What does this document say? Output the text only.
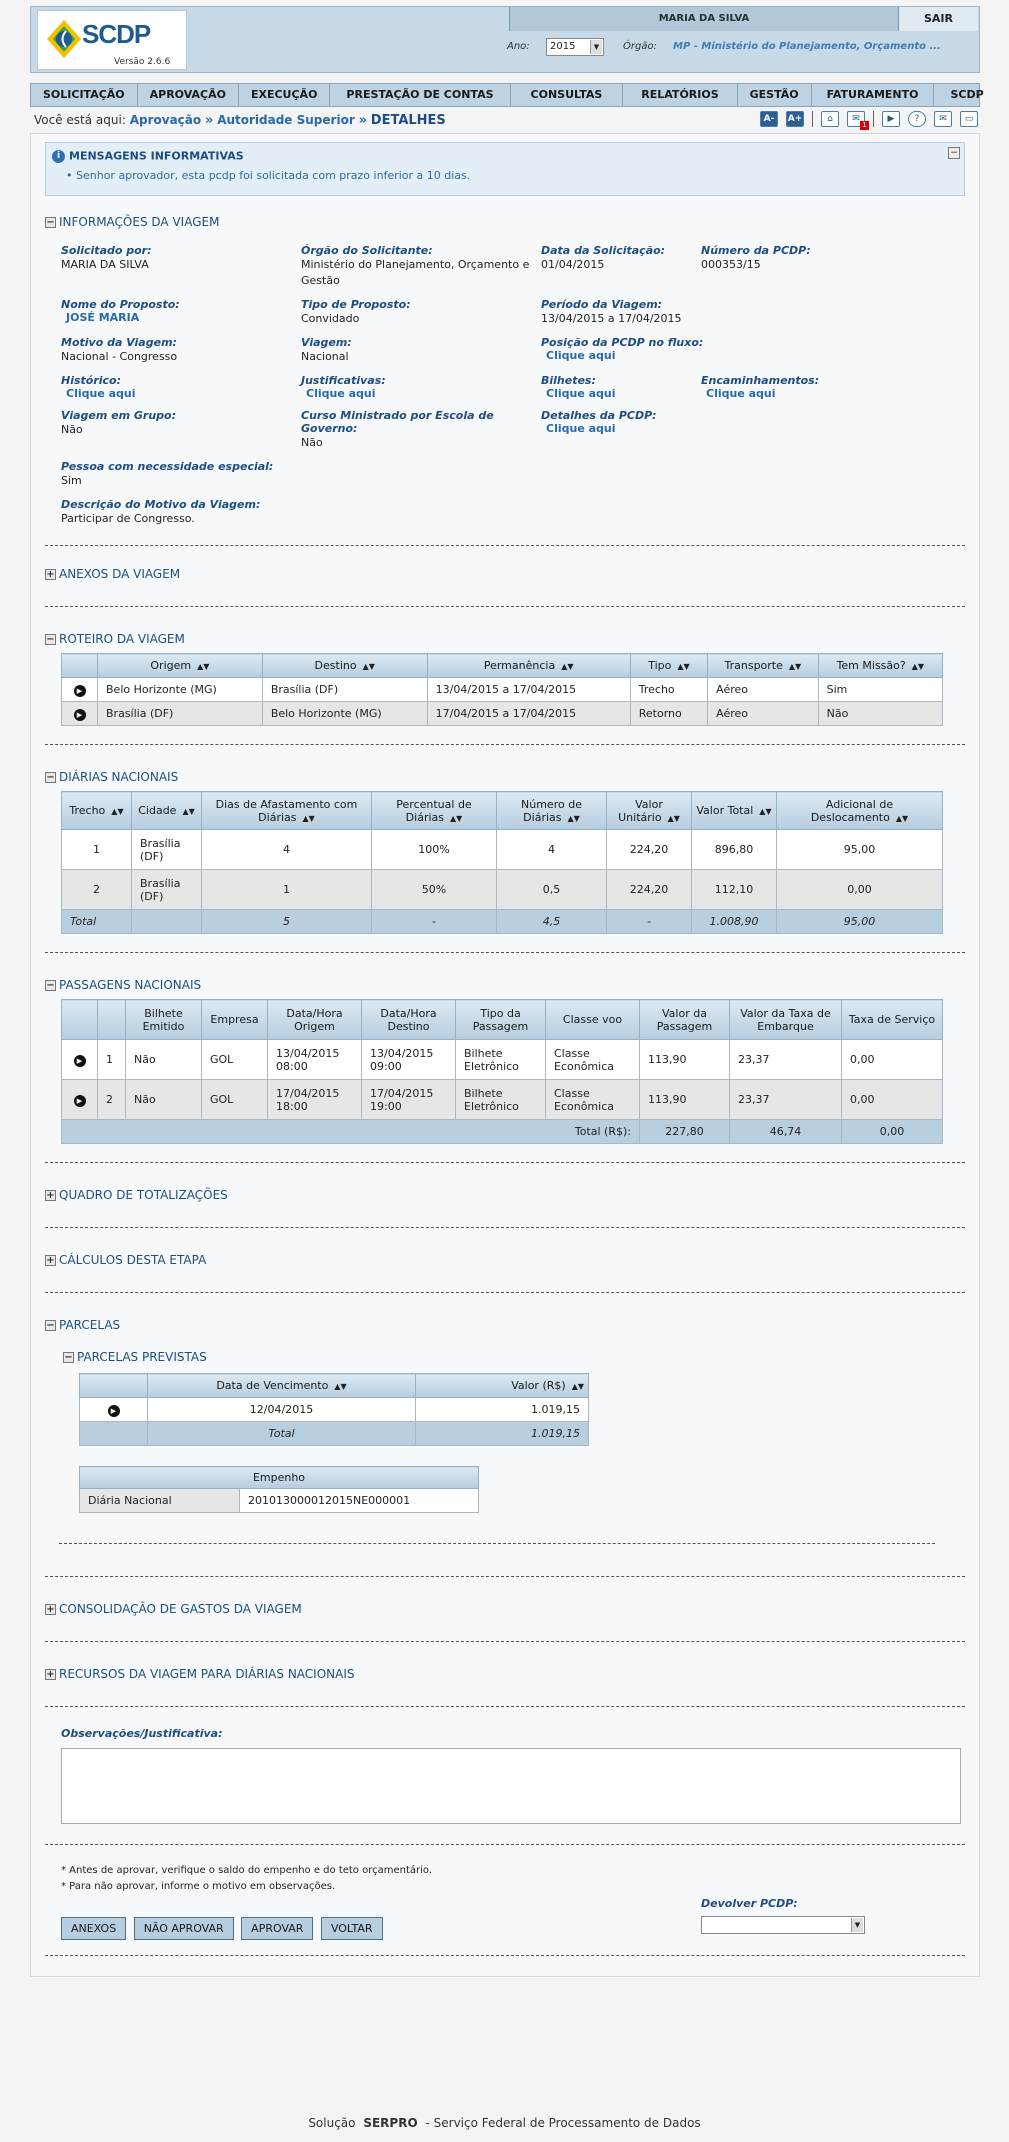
SCDP
Versão 2.6.6
MARIA DA SILVA	SAIR
Ano:	2015	▼ Órgão: MP - Ministério do Planejamento, Orçamento ...
SOLICITAÇÃO	APROVAÇÃO	EXECUÇÃO	PRESTAÇÃO DE CONTAS	CONSULTAS	RELATÓRIOS	GESTÃO	FATURAMENTO	SCDP
Você está aqui: Aprovação » Autoridade Superior » DETALHES	A-	A+	⌂	✉
1
▶	?	✉	▭
i MENSAGENS INFORMATIVAS
• Senhor aprovador, esta pcdp foi solicitada com prazo inferior a 10 dias.
−
− INFORMAÇÕES DA VIAGEM
Solicitado por:
MARIA DA SILVA
Órgão do Solicitante:
Ministério do Planejamento, Orçamento e Gestão
Data da Solicitação:
01/04/2015
Número da PCDP:
000353/15
Nome do Proposto:
JOSÉ MARIA
Tipo de Proposto:
Convidado
Período da Viagem:
13/04/2015 a 17/04/2015
Motivo da Viagem:
Nacional - Congresso
Viagem:
Nacional
Posição da PCDP no fluxo:
Clique aqui
Histórico:
Clique aqui
Justificativas:
Clique aqui
Bilhetes:
Clique aqui
Encaminhamentos:
Clique aqui
Viagem em Grupo:
Não
Curso Ministrado por Escola de Governo:
Não
Detalhes da PCDP:
Clique aqui
Pessoa com necessidade especial:
Sim
Descrição do Motivo da Viagem:
Participar de Congresso.
+ ANEXOS DA VIAGEM
− ROTEIRO DA VIAGEM
	Origem ▲▼	Destino ▲▼	Permanência ▲▼	Tipo ▲▼	Transporte ▲▼	Tem Missão? ▲▼
▶	Belo Horizonte (MG)	Brasília (DF)	13/04/2015 a 17/04/2015	Trecho	Aéreo	Sim
▶	Brasília (DF)	Belo Horizonte (MG)	17/04/2015 a 17/04/2015	Retorno	Aéreo	Não
− DIÁRIAS NACIONAIS
Trecho ▲▼	Cidade ▲▼	Dias de Afastamento com Diárias ▲▼	Percentual de Diárias ▲▼	Número de Diárias ▲▼	Valor Unitário ▲▼	Valor Total ▲▼	Adicional de Deslocamento ▲▼
1	Brasília (DF)	4	100%	4	224,20	896,80	95,00
2	Brasília (DF)	1	50%	0,5	224,20	112,10	0,00
Total		5	-	4,5	-	1.008,90	95,00
− PASSAGENS NACIONAIS
		Bilhete Emitido	Empresa	Data/Hora Origem	Data/Hora Destino	Tipo da Passagem	Classe voo	Valor da Passagem	Valor da Taxa de Embarque	Taxa de Serviço
▶	1	Não	GOL	13/04/2015 08:00	13/04/2015 09:00	Bilhete Eletrônico	Classe Econômica	113,90	23,37	0,00
▶	2	Não	GOL	17/04/2015 18:00	17/04/2015 19:00	Bilhete Eletrônico	Classe Econômica	113,90	23,37	0,00
Total (R$):								227,80	46,74	0,00
+ QUADRO DE TOTALIZAÇÕES
+ CÁLCULOS DESTA ETAPA
− PARCELAS
− PARCELAS PREVISTAS
	Data de Vencimento ▲▼	Valor (R$) ▲▼
▶	12/04/2015	1.019,15
	Total	1.019,15
Empenho
Diária Nacional	201013000012015NE000001
+ CONSOLIDAÇÃO DE GASTOS DA VIAGEM
+ RECURSOS DA VIAGEM PARA DIÁRIAS NACIONAIS
Observações/Justificativa:
* Antes de aprovar, verifique o saldo do empenho e do teto orçamentário.
* Para não aprovar, informe o motivo em observações.
Devolver PCDP:
▼
ANEXOS	NÃO APROVAR	APROVAR	VOLTAR
Solução SERPRO - Serviço Federal de Processamento de Dados
